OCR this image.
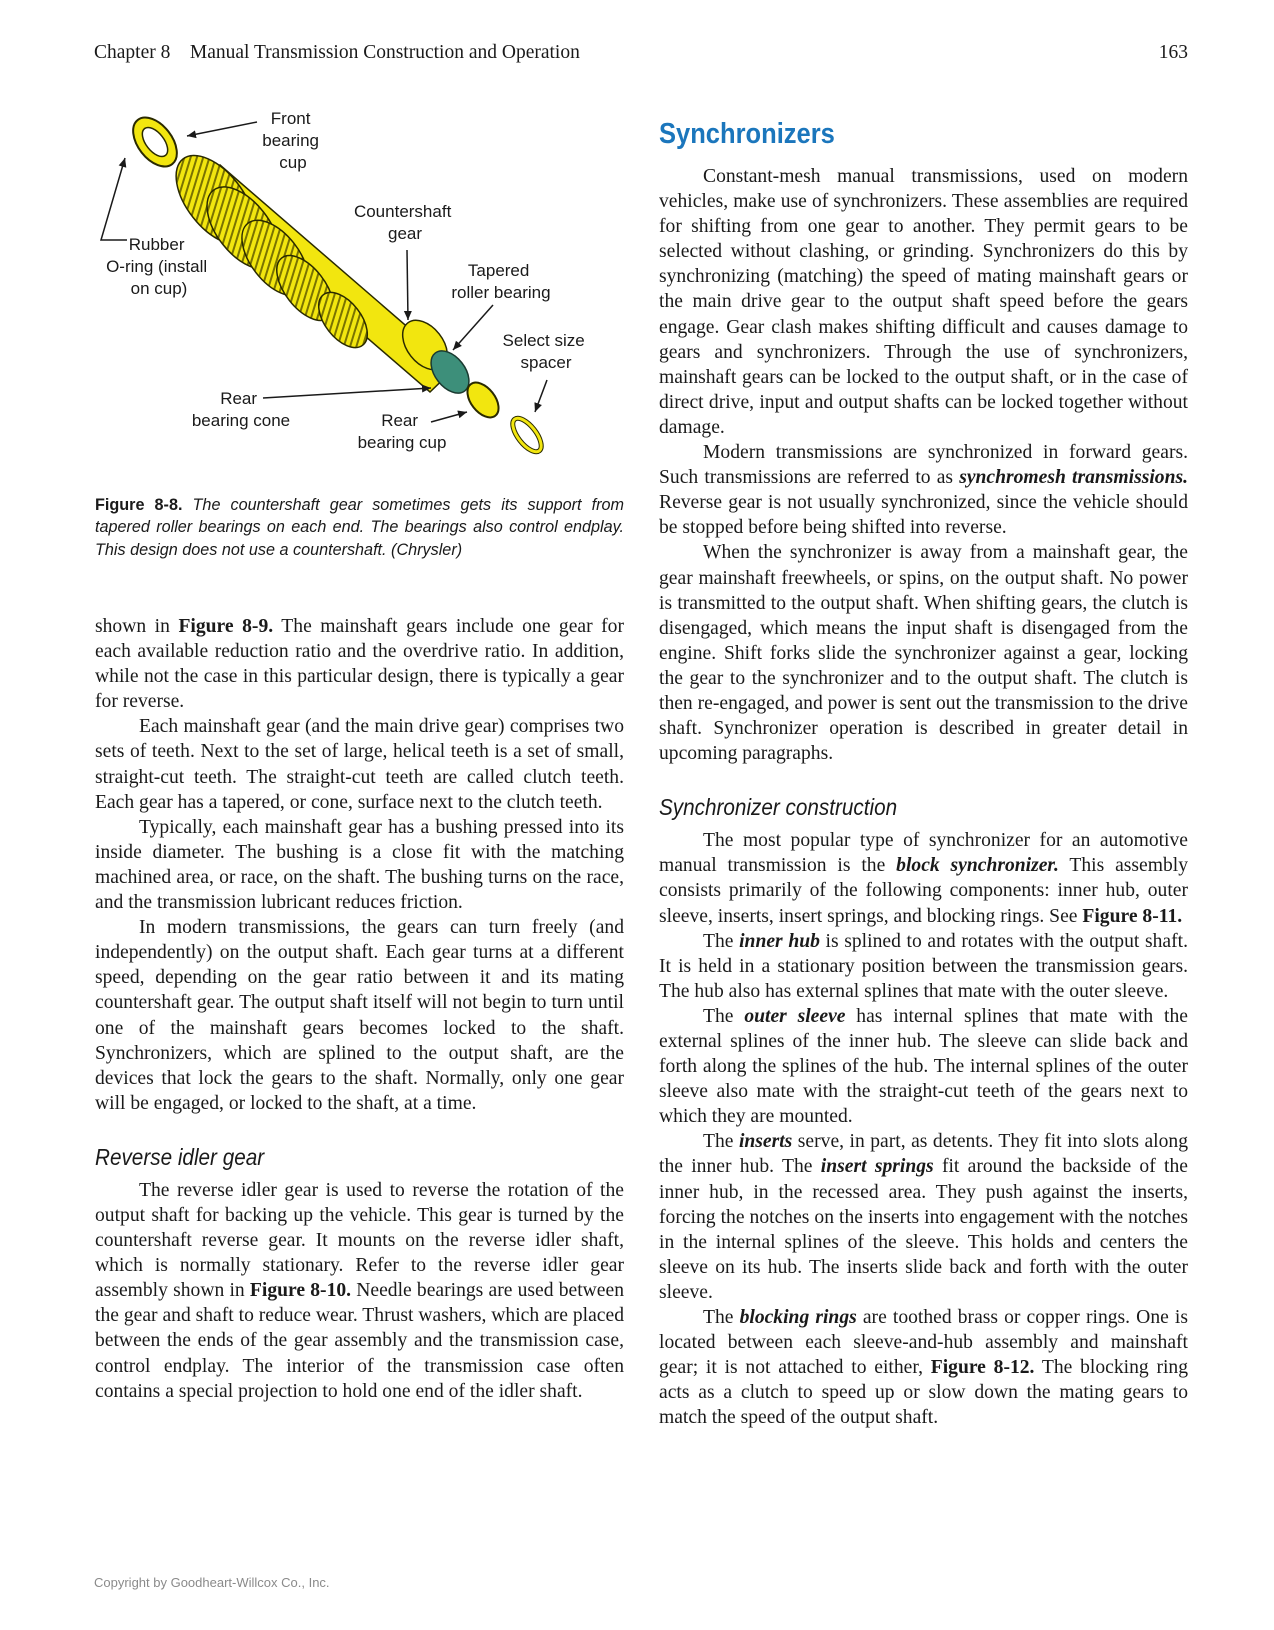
Chapter 8 Manual Transmission Construction and Operation	163
Front bearing cup
Rubber O-ring (install on cup)
Countershaft gear
Tapered roller bearing
Select size spacer
Rear bearing cone	Rear bearing cup
Figure 8-8. The countershaft gear sometimes gets its support from tapered roller bearings on each end. The bearings also control endplay. This design does not use a countershaft. (Chrysler)

shown in Figure 8-9. The mainshaft gears include one gear for each available reduction ratio and the overdrive ratio. In addition, while not the case in this particular design, there is typically a gear for reverse.

Each mainshaft gear (and the main drive gear) comprises two sets of teeth. Next to the set of large, helical teeth is a set of small, straight-cut teeth. The straight-cut teeth are called clutch teeth. Each gear has a tapered, or cone, surface next to the clutch teeth.

Typically, each mainshaft gear has a bushing pressed into its inside diameter. The bushing is a close fit with the matching machined area, or race, on the shaft. The bushing turns on the race, and the transmission lubricant reduces friction.

In modern transmissions, the gears can turn freely (and independently) on the output shaft. Each gear turns at a different speed, depending on the gear ratio between it and its mating countershaft gear. The output shaft itself will not begin to turn until one of the mainshaft gears becomes locked to the shaft. Synchronizers, which are splined to the output shaft, are the devices that lock the gears to the shaft. Normally, only one gear will be engaged, or locked to the shaft, at a time.

Reverse idler gear

The reverse idler gear is used to reverse the rotation of the output shaft for backing up the vehicle. This gear is turned by the countershaft reverse gear. It mounts on the reverse idler shaft, which is normally stationary. Refer to the reverse idler gear assembly shown in Figure 8-10. Needle bearings are used between the gear and shaft to reduce wear. Thrust washers, which are placed between the ends of the gear assembly and the transmission case, control endplay. The interior of the transmission case often contains a special projection to hold one end of the idler shaft.

Synchronizers

Constant-mesh manual transmissions, used on modern vehicles, make use of synchronizers. These assemblies are required for shifting from one gear to another. They permit gears to be selected without clashing, or grinding. Synchronizers do this by synchronizing (matching) the speed of mating mainshaft gears or the main drive gear to the output shaft speed before the gears engage. Gear clash makes shifting difficult and causes damage to gears and synchronizers. Through the use of synchronizers, mainshaft gears can be locked to the output shaft, or in the case of direct drive, input and output shafts can be locked together without damage.

Modern transmissions are synchronized in forward gears. Such transmissions are referred to as synchromesh transmissions. Reverse gear is not usually synchronized, since the vehicle should be stopped before being shifted into reverse.

When the synchronizer is away from a mainshaft gear, the gear mainshaft freewheels, or spins, on the output shaft. No power is transmitted to the output shaft. When shifting gears, the clutch is disengaged, which means the input shaft is disengaged from the engine. Shift forks slide the synchronizer against a gear, locking the gear to the synchronizer and to the output shaft. The clutch is then re-engaged, and power is sent out the transmission to the drive shaft. Synchronizer operation is described in greater detail in upcoming paragraphs.

Synchronizer construction

The most popular type of synchronizer for an automotive manual transmission is the block synchronizer. This assembly consists primarily of the following components: inner hub, outer sleeve, inserts, insert springs, and blocking rings. See Figure 8-11.

The inner hub is splined to and rotates with the output shaft. It is held in a stationary position between the transmission gears. The hub also has external splines that mate with the outer sleeve.

The outer sleeve has internal splines that mate with the external splines of the inner hub. The sleeve can slide back and forth along the splines of the hub. The internal splines of the outer sleeve also mate with the straight-cut teeth of the gears next to which they are mounted.

The inserts serve, in part, as detents. They fit into slots along the inner hub. The insert springs fit around the backside of the inner hub, in the recessed area. They push against the inserts, forcing the notches on the inserts into engagement with the notches in the internal splines of the sleeve. This holds and centers the sleeve on its hub. The inserts slide back and forth with the outer sleeve.

The blocking rings are toothed brass or copper rings. One is located between each sleeve-and-hub assembly and mainshaft gear; it is not attached to either, Figure 8-12. The blocking ring acts as a clutch to speed up or slow down the mating gears to match the speed of the output shaft.

Copyright by Goodheart-Willcox Co., Inc.
